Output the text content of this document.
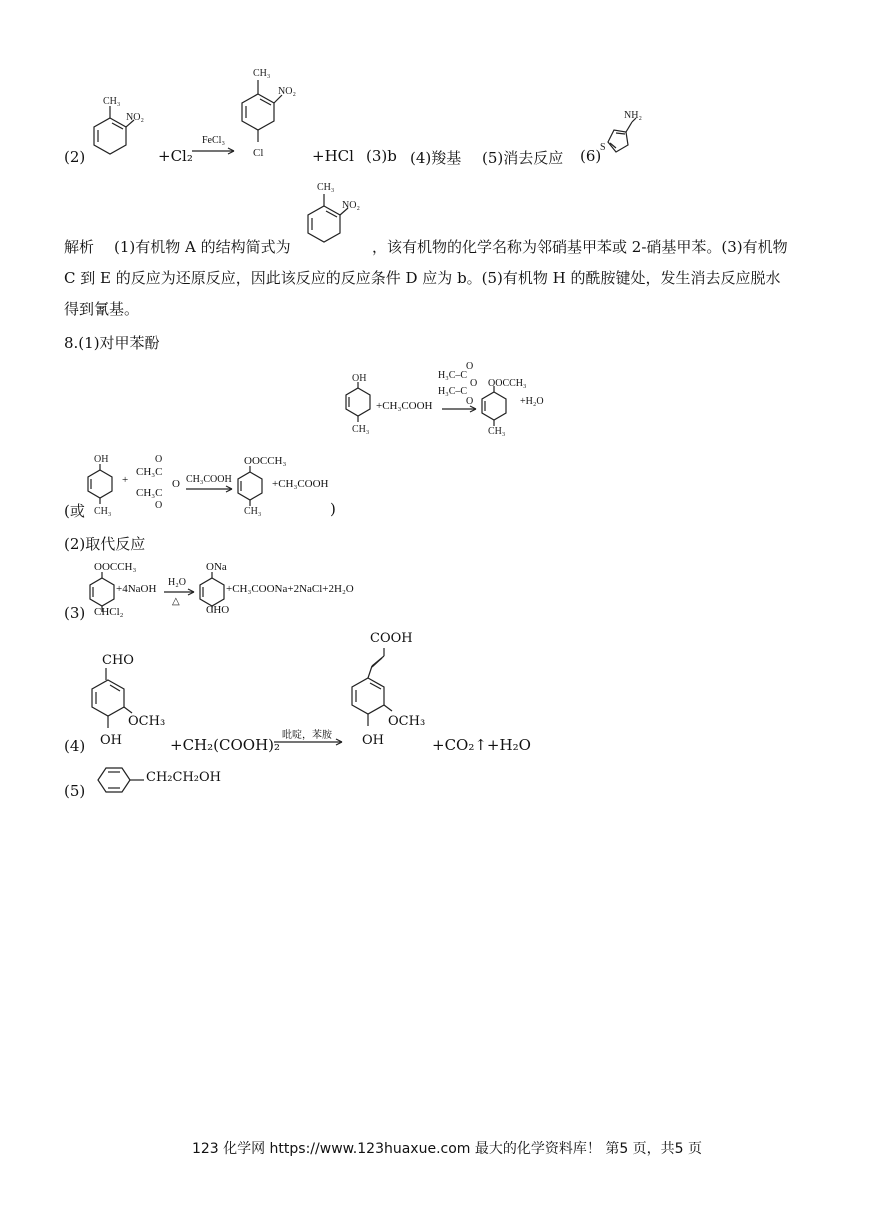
(2)
CH₃
NO₂
+Cl₂
FeCl₃
CH₃
NO₂
Cl	+HCl (3)b (4)羧基 (5)消去反应 (6)
S
NH₂
解析 (1)有机物 A 的结构简式为
CH₃
NO₂
，该有机物的化学名称为邻硝基甲苯或 2-硝基甲苯。(3)有机物
C 到 E 的反应为还原反应，因此该反应的反应条件 D 应为 b。(5)有机物 H 的酰胺键处，发生消去反应脱水
得到氰基。
8.(1)对甲苯酚
OH
CH₃
+CH₃COOH
H₃C–C
O
O
H₃C–C
O
CH₃
OOCCH₃
+H₂O
(或
OH
CH₃
+
O
CH₃C
O
CH₃C
O
CH₃COOH
CH₃
OOCCH₃
+CH₃COOH
)
(2)取代反应
(3)
OOCCH₃
CHCl₂
+4NaOH
H₂O
△
ONa
CHO
+CH₃COONa+2NaCl+2H₂O
(4)
CHO
OCH₃
OH	+CH₂(COOH)₂
吡啶，苯胺
COOH
OCH₃
OH	+CO₂↑+H₂O
(5)
CH₂CH₂OH
123 化学网 https://www.123huaxue.com 最大的化学资料库！ 第5 页，共5 页
